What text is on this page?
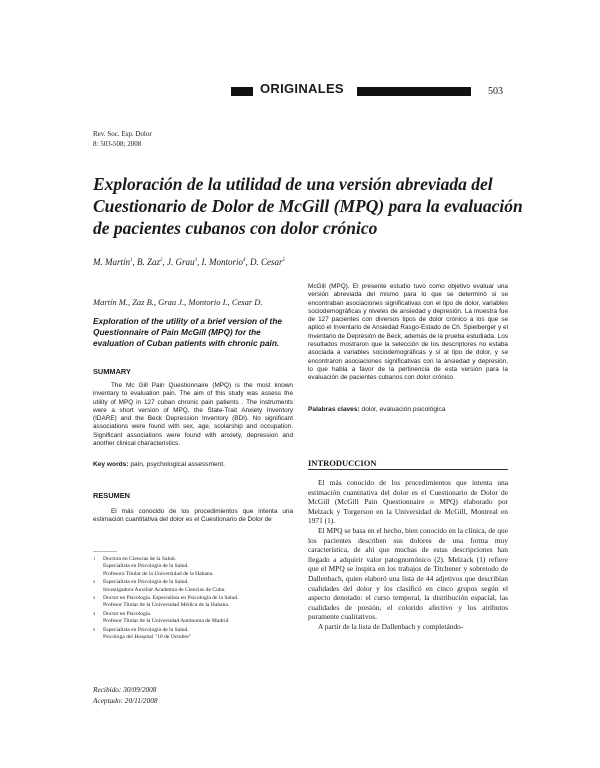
ORIGINALES	503
Rev. Soc. Esp. Dolor
8: 503-508; 2008
Exploración de la utilidad de una versión abreviada del Cuestionario de Dolor de McGill (MPQ) para la evaluación de pacientes cubanos con dolor crónico
M. Martín$^1$, B. Zaz$^2$, J. Grau$^3$, I. Montorio$^4$, D. Cesar$^5$
Martín M., Zaz B., Grau J., Montorio I., Cesar D.
Exploration of the utility of a brief version of the Questionnaire of Pain McGill (MPQ) for the evaluation of Cuban patients with chronic pain.
SUMMARY
The Mc Gill Pain Questionnaire (MPQ) is the most known inventary to evaluation pain. The aim of this study was assess the utility of MPQ in 127 cuban chronic pain patients . The instruments were a short version of MPQ, the State-Trait Anxiety Inventory (IDARE) and the Beck Depression Inventory (BDI). No significant associations were found with sex, age, scolarship and occupation. Significant associations were found with anxiety, depression and another clinical characteristics.
Key words: pain, psychological assessment.
RESUMEN
El más conocido de los procedimientos que intenta una estimación cuantitativa del dolor es el Cuestionario de Dolor de
————
1 Doctora en Ciencias de la Salud.
Especialista en Psicología de la Salud.
Profesora Titular de la Universidad de la Habana.
2 Especialista en Psicología de la Salud.
Investigadora Auxiliar Academia de Ciencias de Cuba.
3 Doctor en Psicología. Especialista en Psicología de la Salud.
Profesor Titular de la Universidad Médica de la Habana.
4 Doctor en Psicología.
Profesor Titular de la Universidad Autónoma de Madrid
5 Especialista en Psicología de la Salud.
Psicóloga del Hospital "10 de Octubre"
Recibido: 30/09/2008
Aceptado: 20/11/2008
McGill (MPQ). El presente estudio tuvo como objetivo evaluar una versión abreviada del mismo para lo que se determinó si se encontraban asociaciones significativas con el tipo de dolor, variables sociodemográficas y niveles de ansiedad y depresión. La muestra fue de 127 pacientes con diversos tipos de dolor crónico a los que se aplicó el Inventario de Ansiedad Rasgo-Estado de Ch. Spielberger y el Inventario de Depresión de Beck, además de la prueba estudiada. Los resultados mostraron que la selección de los descriptores no estaba asociada a variables sociodemográficas y sí al tipo de dolor, y se encontraron asociaciones significativas con la ansiedad y depresión, lo que habla a favor de la pertinencia de esta versión para la evaluación de pacientes cubanos con dolor crónico.
Palabras claves: dolor, evaluación psicológica
INTRODUCCION

El más conocido de los procedimientos que intenta una estimación cuantitativa del dolor es el Cuestionario de Dolor de McGill (McGill Pain Questionnaire o MPQ) elaborado por Melzack y Torgerson en la Universidad de McGill, Montreal en 1971 (1).

El MPQ se basa en el hecho, bien conocido en la clínica, de que los pacientes describen sus dolores de una forma muy característica, de ahí que muchas de estas descripciones han llegado a adquirir valor patognomónico (2). Melzack (1) refiere que el MPQ se inspira en los trabajos de Titchener y sobretodo de Dallenbach, quien elaboró una lista de 44 adjetivos que describían cualidades del dolor y los clasificó en cinco grupos según el aspecto denotado: el curso temporal, la distribución espacial, las cualidades de presión, el colorido afectivo y los atributos puramente cualitativos.

A partir de la lista de Dallenbach y completándo-
